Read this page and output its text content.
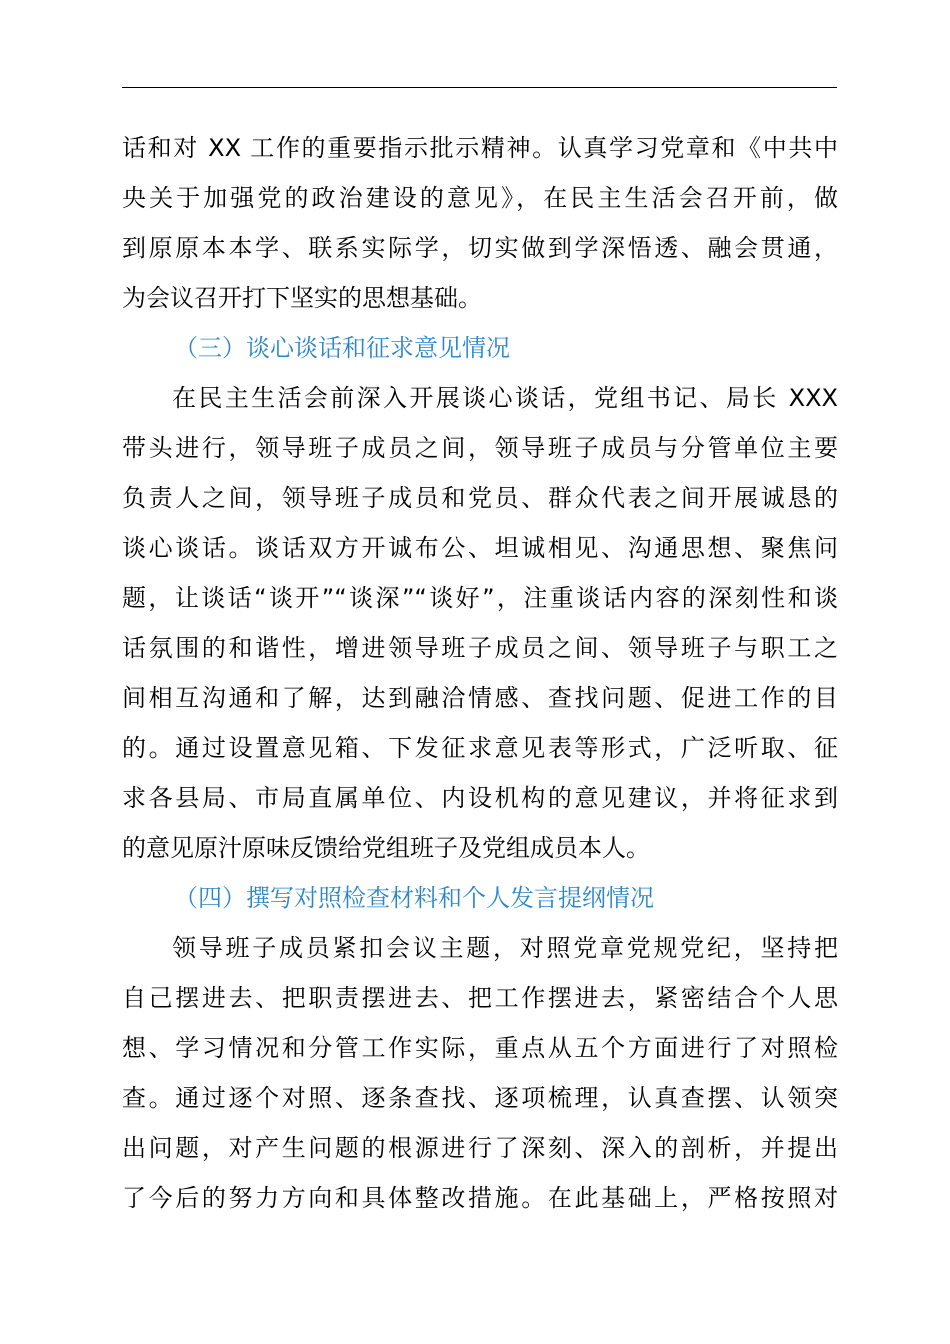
话和对 XX 工作的重要指示批示精神。认真学习党章和《中共中
央关于加强党的政治建设的意见》，在民主生活会召开前，做
到原原本本学、联系实际学，切实做到学深悟透、融会贯通，
为会议召开打下坚实的思想基础。
（三）谈心谈话和征求意见情况
在民主生活会前深入开展谈心谈话，党组书记、局长 XXX
带头进行，领导班子成员之间，领导班子成员与分管单位主要
负责人之间，领导班子成员和党员、群众代表之间开展诚恳的
谈心谈话。谈话双方开诚布公、坦诚相见、沟通思想、聚焦问
题，让谈话“谈开”“谈深”“谈好”，注重谈话内容的深刻性和谈
话氛围的和谐性，增进领导班子成员之间、领导班子与职工之
间相互沟通和了解，达到融洽情感、查找问题、促进工作的目
的。通过设置意见箱、下发征求意见表等形式，广泛听取、征
求各县局、市局直属单位、内设机构的意见建议，并将征求到
的意见原汁原味反馈给党组班子及党组成员本人。
（四）撰写对照检查材料和个人发言提纲情况
领导班子成员紧扣会议主题，对照党章党规党纪，坚持把
自己摆进去、把职责摆进去、把工作摆进去，紧密结合个人思
想、学习情况和分管工作实际，重点从五个方面进行了对照检
查。通过逐个对照、逐条查找、逐项梳理，认真查摆、认领突
出问题，对产生问题的根源进行了深刻、深入的剖析，并提出
了今后的努力方向和具体整改措施。在此基础上，严格按照对
